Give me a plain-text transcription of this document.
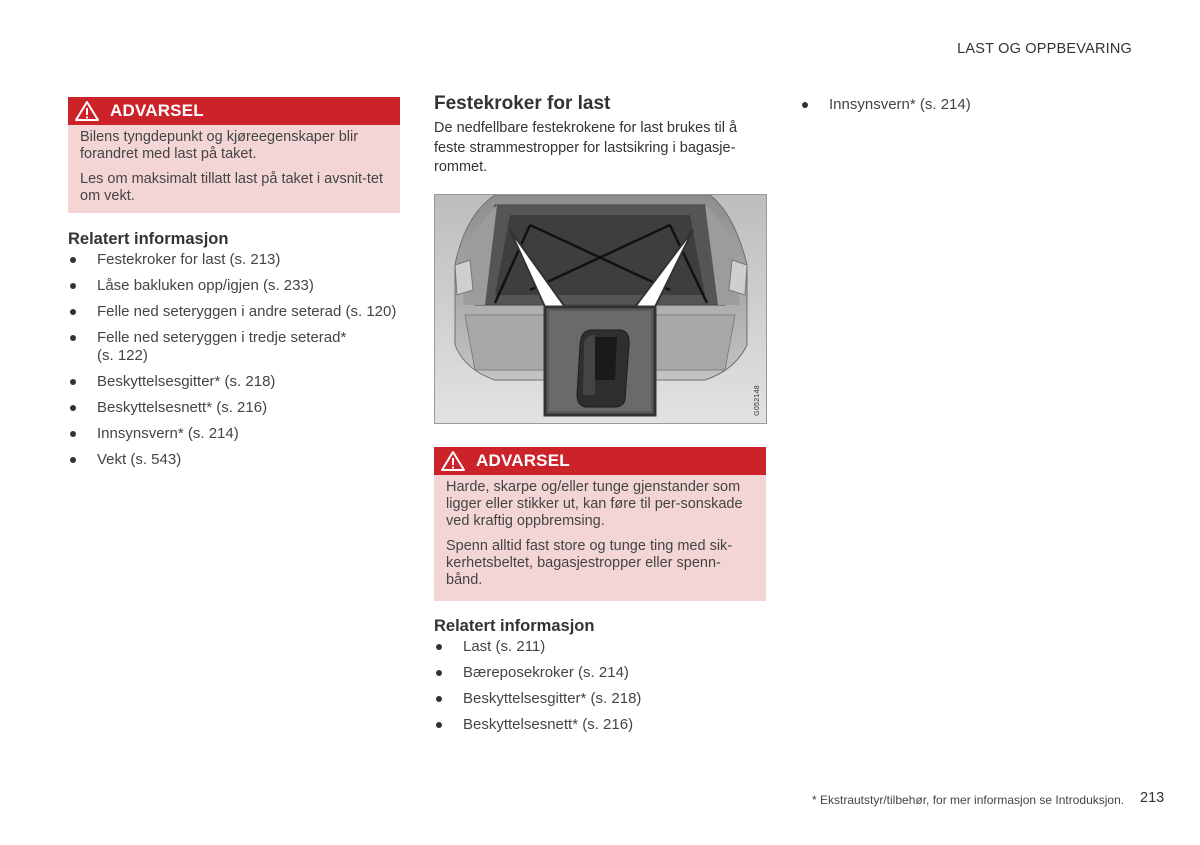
LAST OG OPPBEVARING
ADVARSEL

Bilens tyngdepunkt og kjøreegenskaper blir forandret med last på taket.

Les om maksimalt tillatt last på taket i avsnit-tet om vekt.

Relatert informasjon
Festekroker for last (s. 213)
Låse bakluken opp/igjen (s. 233)
Felle ned seteryggen i andre seterad (s. 120)
Felle ned seteryggen i tredje seterad* (s. 122)
Beskyttelsesgitter* (s. 218)
Beskyttelsesnett* (s. 216)
Innsynsvern* (s. 214)
Vekt (s. 543)
Festekroker for last

De nedfellbare festekrokene for last brukes til å feste strammestropper for lastsikring i bagasje-rommet.

G052148
ADVARSEL

Harde, skarpe og/eller tunge gjenstander som ligger eller stikker ut, kan føre til per-sonskade ved kraftig oppbremsing.

Spenn alltid fast store og tunge ting med sik-kerhetsbeltet, bagasjestropper eller spenn-bånd.

Relatert informasjon
Last (s. 211)
Bæreposekroker (s. 214)
Beskyttelsesgitter* (s. 218)
Beskyttelsesnett* (s. 216)
Innsynsvern* (s. 214)
* Ekstrautstyr/tilbehør, for mer informasjon se Introduksjon. 213
